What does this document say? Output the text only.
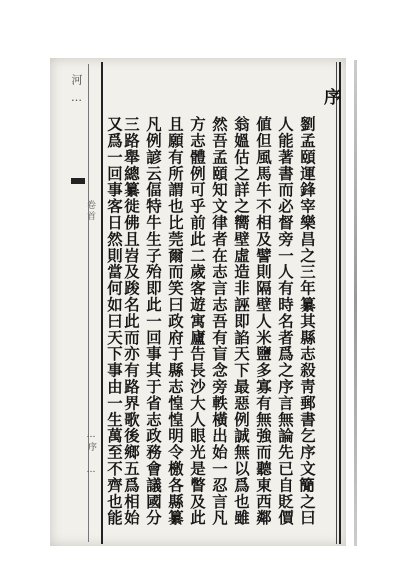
河…
卷首
…序 …
序
劉孟頤運鋒宰樂昌之三年纂其縣志殺靑郵書乞序文𥳑之曰
人能著書而必督旁一人有時名者爲之序言無論先已自貶價
値但風馬牛不相及譬則隔壁人米鹽多寡有無強而聽東西鄰
翁媼估之詳之嚮壁虛造非誣即諂天下最惡例誠無以爲也雖
然吾孟頤知文律者在志言志吾有盲念旁軼橫出始一忍言凡
方志體例可乎前此二歲客遊寓廬告長沙大人眼光是瞥及此
且願有所謂也比莞爾而笑曰政府于縣志惶惶明令檄各縣纂
凡例諺云偪特牛生子殆即此一回事其于省志政務會議國分
三路舉總纂徙佛且岧及踆名此而亦有路界歌後鄉五爲相始
又爲一回事客日然則當何如曰天下事由一生萬至不齊也能
